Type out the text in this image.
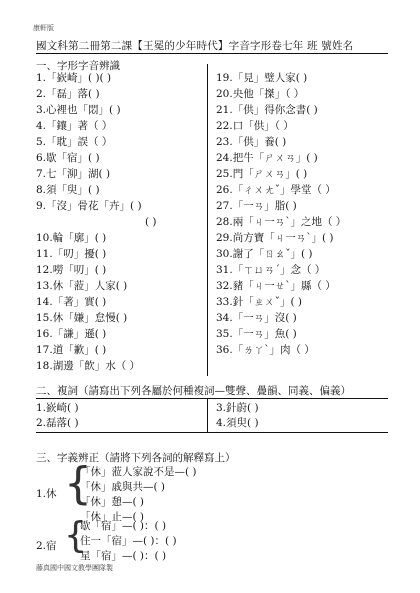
康軒版
國文科第二冊第二課【王冕的少年時代】字音字形卷七年 班 號姓名
一、字形字音辨識
1.「嶔崎」( )( )
2.「磊」落( )
3.心裡也「悶」( )
4.「鑲」著（ ）
5.「耽」誤（ ）
6.歇「宿」( )
7.七「泖」湖( )
8.須「臾」( )
9.「沒」骨花「卉」( )
( )
10.輪「廓」( )
11.「叨」擾( )
12.嘮「叨」( )
13.休「蒞」人家( )
14.「著」實( )
15.休「嫌」怠慢( )
16.「謙」遜( )
17.道「歉」( )
18.湖邊「飲」水（ ）
19.「見」璧人家( )
20.央他「搩」（ ）
21.「供」得你念書( )
22.口「供」（ ）
23.「供」養( )
24.把牛「ㄕㄨㄢ」( )
25.門「ㄕㄨㄢ」( )
26.「ㄔㄨㄤˇ」學堂（ ）
27.「一ㄢ」脂( )
28.兩「ㄐ一ㄢˋ」之地（ ）
29.尚方寶「ㄐ一ㄢˋ」( )
30.謝了「ㄖㄠˇ」( )
31.「ㄒㄩㄢˊ」念（ ）
32.豬「ㄐ一ㄝˋ」縣（ ）
33.針「ㄓㄨˇ」( )
34.「一ㄢ」沒( )
35.「一ㄢ」魚( )
36.「ㄌㄚˋ」肉（ ）
二、複詞（請寫出下列各屬於何種複詞—雙聲、疊韻、同義、偏義）
1.嶔崎( )
2.磊落( )
3.針蔚( )
4.須臾( )
三、字義辨正（請將下列各詞的解釋寫上）
1.休 {
「休」蒞人家說不是—( )
「休」戚與共—( )
「休」憩—( )
「休」止—( )
2.宿 {
歇「宿」—( )：( )
住一「宿」—( )：( )
星「宿」—( )：( )
藤真國中國文教學團隊製
